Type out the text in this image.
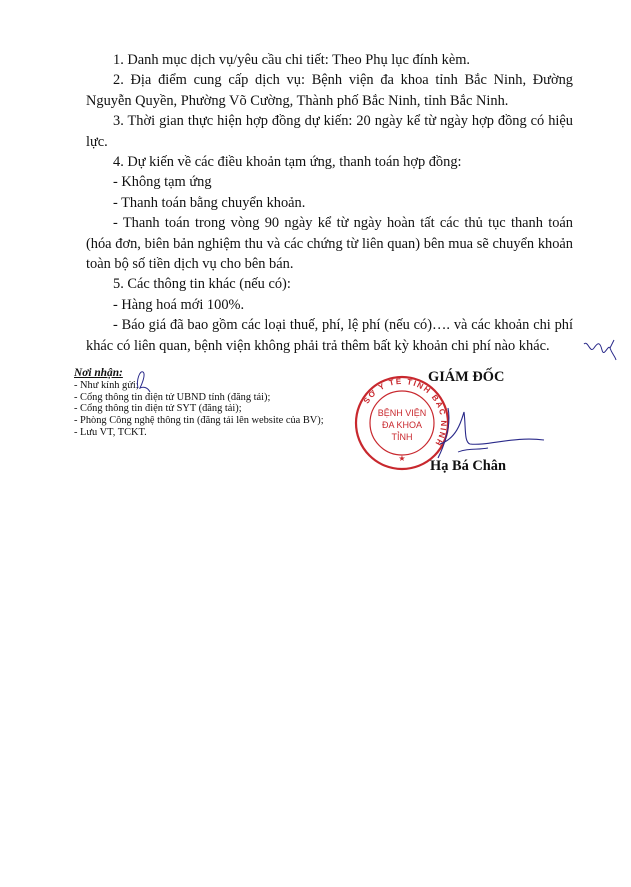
1. Danh mục dịch vụ/yêu cầu chi tiết: Theo Phụ lục đính kèm.

2. Địa điểm cung cấp dịch vụ: Bệnh viện đa khoa tỉnh Bắc Ninh, Đường Nguyễn Quyền, Phường Võ Cường, Thành phố Bắc Ninh, tỉnh Bắc Ninh.

3. Thời gian thực hiện hợp đồng dự kiến: 20 ngày kể từ ngày hợp đồng có hiệu lực.

4. Dự kiến về các điều khoản tạm ứng, thanh toán hợp đồng:

- Không tạm ứng

- Thanh toán bằng chuyển khoản.

- Thanh toán trong vòng 90 ngày kể từ ngày hoàn tất các thủ tục thanh toán (hóa đơn, biên bản nghiệm thu và các chứng từ liên quan) bên mua sẽ chuyển khoản toàn bộ số tiền dịch vụ cho bên bán.

5. Các thông tin khác (nếu có):

- Hàng hoá mới 100%.

- Báo giá đã bao gồm các loại thuế, phí, lệ phí (nếu có)…. và các khoản chi phí khác có liên quan, bệnh viện không phải trả thêm bất kỳ khoản chi phí nào khác.

Nơi nhận:
- Như kính gửi;
- Cổng thông tin điện tử UBND tỉnh (đăng tải);
- Cổng thông tin điện tử SYT (đăng tải);
- Phòng Công nghệ thông tin (đăng tải lên website của BV);
- Lưu VT, TCKT.
GIÁM ĐỐC
SỞ Y TẾ TỈNH BẮC NINH
BỆNH VIỆN
ĐA KHOA
TỈNH
★ Hạ Bá Chân
